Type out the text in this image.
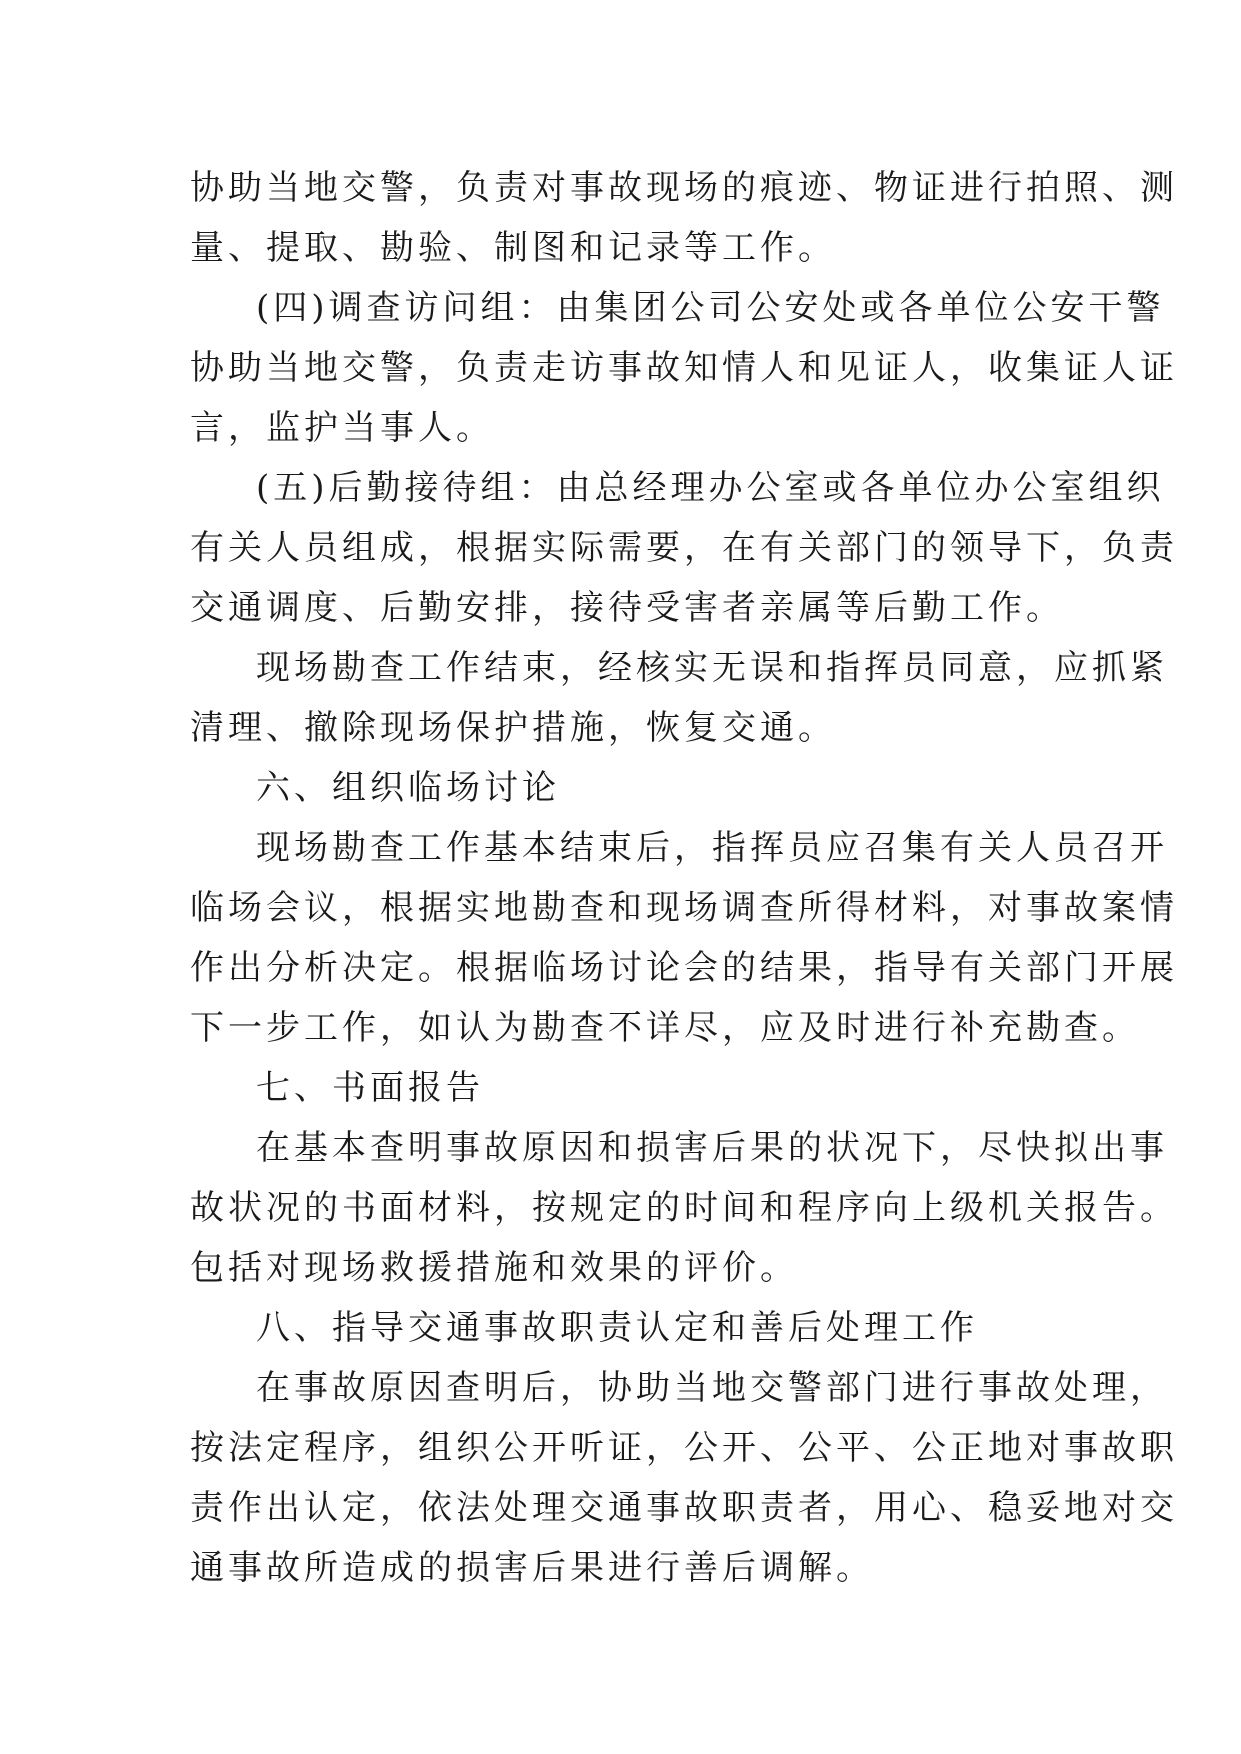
协助当地交警，负责对事故现场的痕迹、物证进行拍照、测
量、提取、勘验、制图和记录等工作。
(四)调查访问组：由集团公司公安处或各单位公安干警
协助当地交警，负责走访事故知情人和见证人，收集证人证
言，监护当事人。
(五)后勤接待组：由总经理办公室或各单位办公室组织
有关人员组成，根据实际需要，在有关部门的领导下，负责
交通调度、后勤安排，接待受害者亲属等后勤工作。
现场勘查工作结束，经核实无误和指挥员同意，应抓紧
清理、撤除现场保护措施，恢复交通。
六、组织临场讨论
现场勘查工作基本结束后，指挥员应召集有关人员召开
临场会议，根据实地勘查和现场调查所得材料，对事故案情
作出分析决定。根据临场讨论会的结果，指导有关部门开展
下一步工作，如认为勘查不详尽，应及时进行补充勘查。
七、书面报告
在基本查明事故原因和损害后果的状况下，尽快拟出事
故状况的书面材料，按规定的时间和程序向上级机关报告。
包括对现场救援措施和效果的评价。
八、指导交通事故职责认定和善后处理工作
在事故原因查明后，协助当地交警部门进行事故处理，
按法定程序，组织公开听证，公开、公平、公正地对事故职
责作出认定，依法处理交通事故职责者，用心、稳妥地对交
通事故所造成的损害后果进行善后调解。
